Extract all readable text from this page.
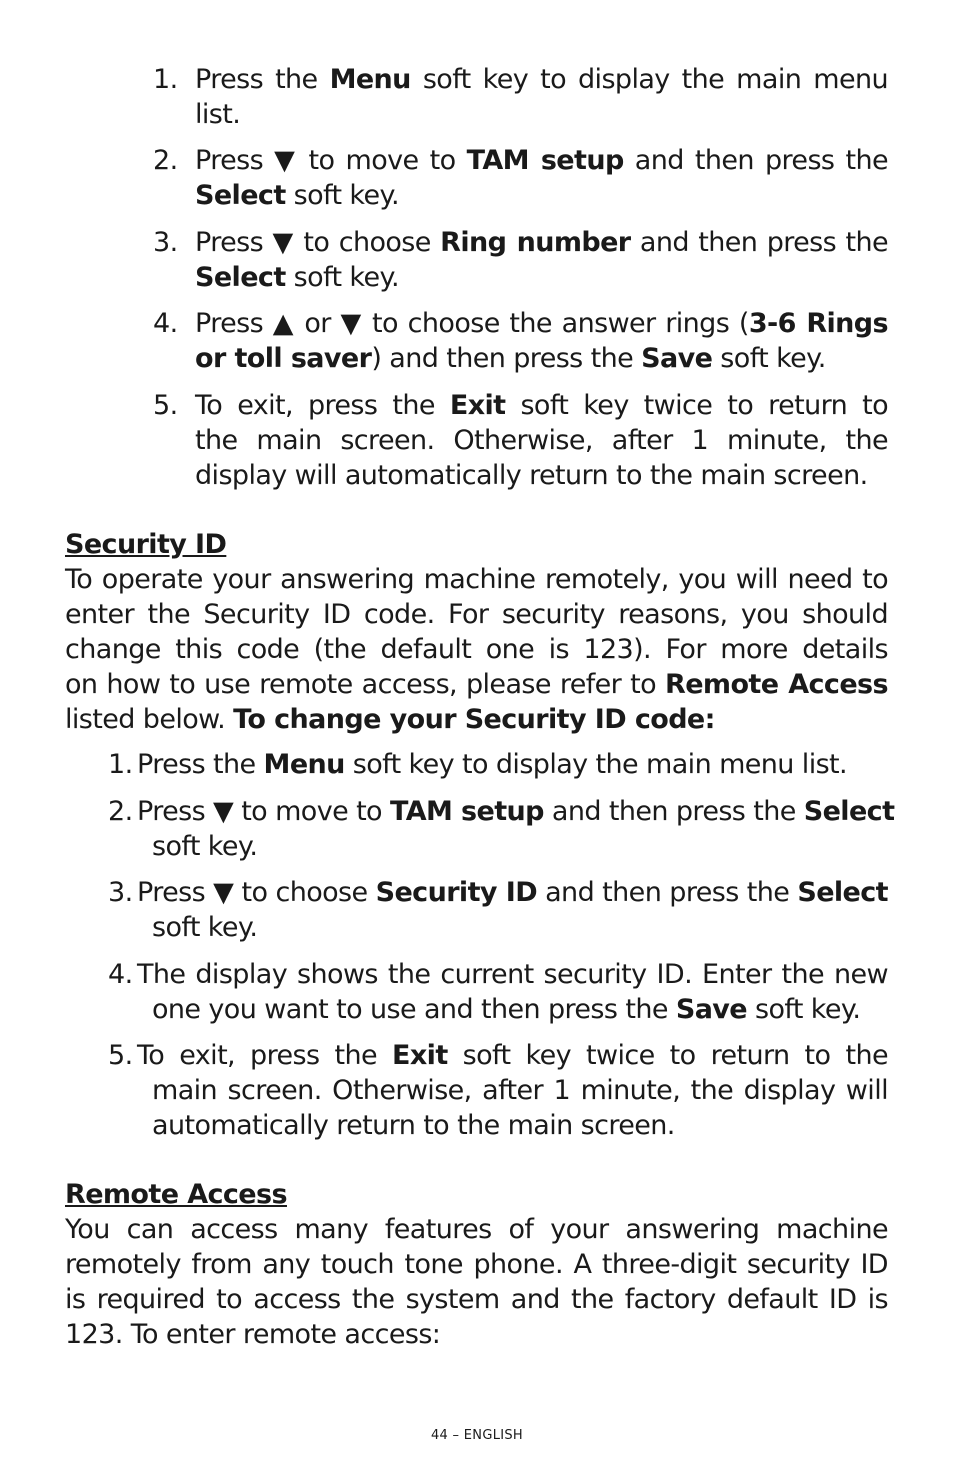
1. Press the Menu soft key to display the main menu
list.
2. Press ▼ to move to TAM setup and then press the
Select soft key.
3. Press ▼ to choose Ring number and then press the
Select soft key.
4. Press ▲ or ▼ to choose the answer rings (3-6 Rings
or toll saver) and then press the Save soft key.
5. To exit, press the Exit soft key twice to return to
the main screen. Otherwise, after 1 minute, the
display will automatically return to the main screen.
Security ID
To operate your answering machine remotely, you will need to
enter the Security ID code. For security reasons, you should
change this code (the default one is 123). For more details
on how to use remote access, please refer to Remote Access
listed below. To change your Security ID code:
1. Press the Menu soft key to display the main menu list.
2. Press ▼ to move to TAM setup and then press the Select
soft key.
3. Press ▼ to choose Security ID and then press the Select
soft key.
4. The display shows the current security ID. Enter the new
one you want to use and then press the Save soft key.
5. To exit, press the Exit soft key twice to return to the
main screen. Otherwise, after 1 minute, the display will
automatically return to the main screen.
Remote Access
You can access many features of your answering machine
remotely from any touch tone phone. A three-digit security ID
is required to access the system and the factory default ID is
123. To enter remote access:
44 – ENGLISH
